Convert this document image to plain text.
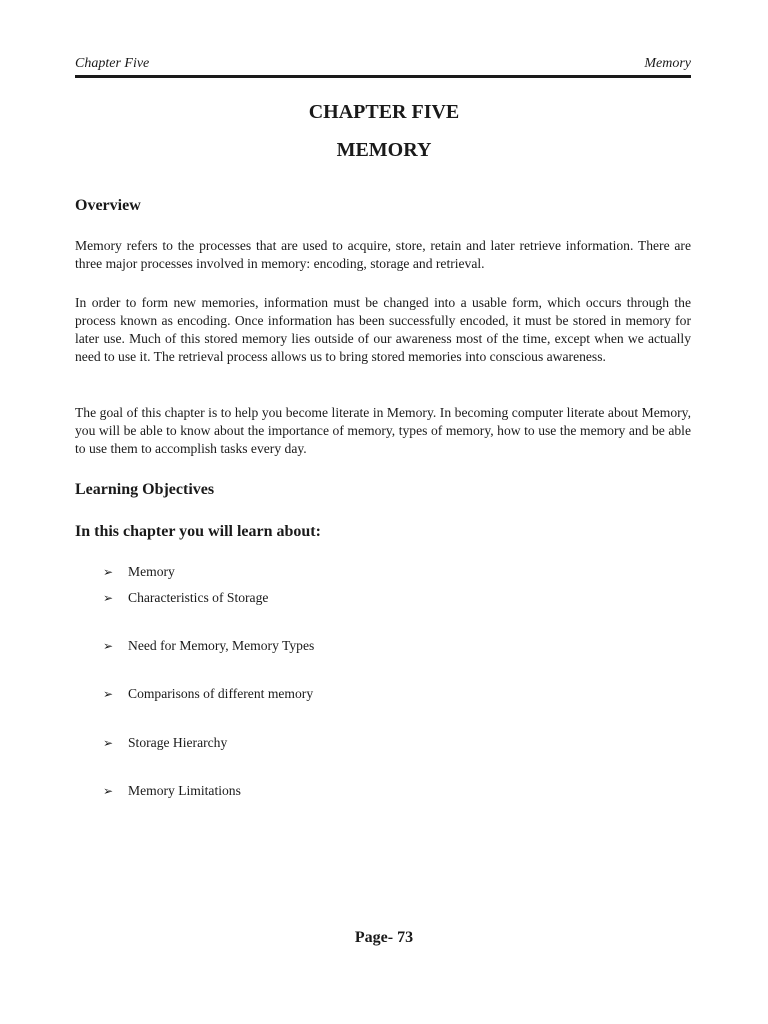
Chapter Five	Memory
CHAPTER FIVE
MEMORY
Overview

Memory refers to the processes that are used to acquire, store, retain and later retrieve information. There are three major processes involved in memory: encoding, storage and retrieval.

In order to form new memories, information must be changed into a usable form, which occurs through the process known as encoding. Once information has been successfully encoded, it must be stored in memory for later use. Much of this stored memory lies outside of our awareness most of the time, except when we actually need to use it. The retrieval process allows us to bring stored memories into conscious awareness.

The goal of this chapter is to help you become literate in Memory. In becoming computer literate about Memory, you will be able to know about the importance of memory, types of memory, how to use the memory and be able to use them to accomplish tasks every day.

Learning Objectives
In this chapter you will learn about:
➢ Memory
➢ Characteristics of Storage
➢ Need for Memory, Memory Types
➢ Comparisons of different memory
➢ Storage Hierarchy
➢ Memory Limitations
Page- 73
